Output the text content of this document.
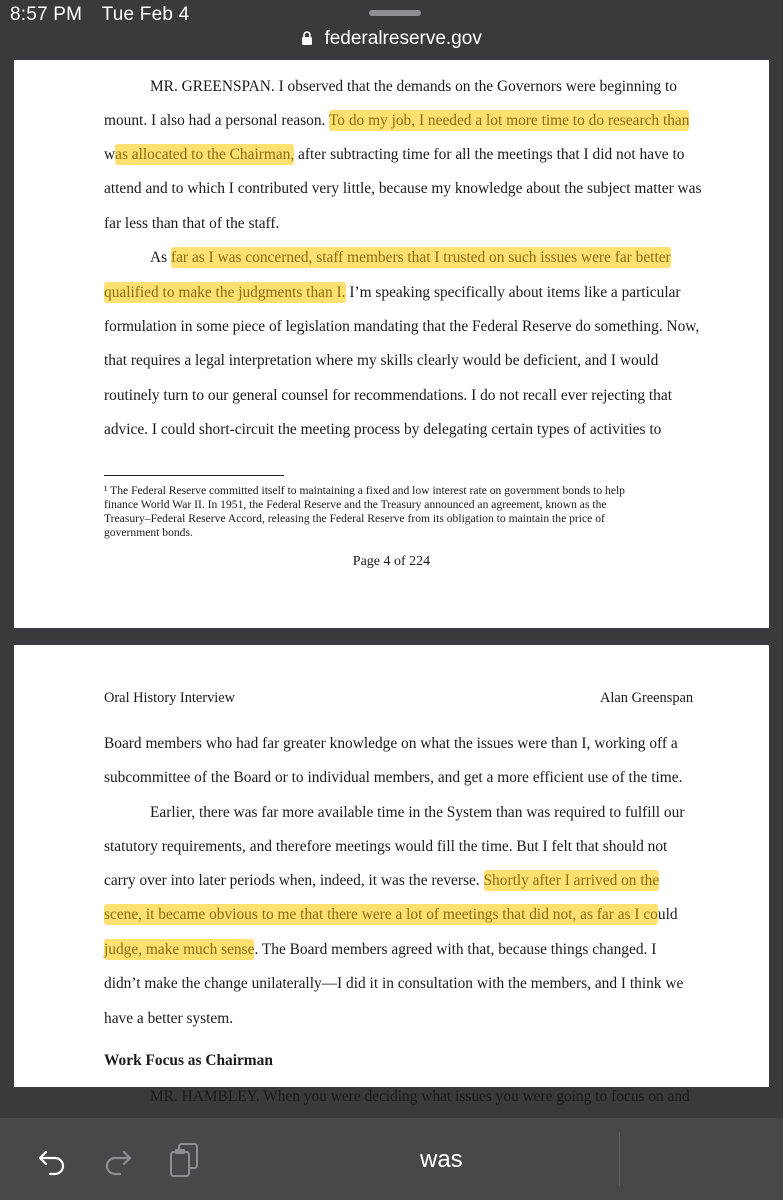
8:57 PM Tue Feb 4
federalreserve.gov
MR. GREENSPAN. I observed that the demands on the Governors were beginning to
mount. I also had a personal reason. To do my job, I needed a lot more time to do research than
was allocated to the Chairman, after subtracting time for all the meetings that I did not have to
attend and to which I contributed very little, because my knowledge about the subject matter was
far less than that of the staff.
As far as I was concerned, staff members that I trusted on such issues were far better
qualified to make the judgments than I. I’m speaking specifically about items like a particular
formulation in some piece of legislation mandating that the Federal Reserve do something. Now,
that requires a legal interpretation where my skills clearly would be deficient, and I would
routinely turn to our general counsel for recommendations. I do not recall ever rejecting that
advice. I could short-circuit the meeting process by delegating certain types of activities to
¹ The Federal Reserve committed itself to maintaining a fixed and low interest rate on government bonds to help
finance World War II. In 1951, the Federal Reserve and the Treasury announced an agreement, known as the
Treasury–Federal Reserve Accord, releasing the Federal Reserve from its obligation to maintain the price of
government bonds.
Page 4 of 224
Oral History Interview	Alan Greenspan
Board members who had far greater knowledge on what the issues were than I, working off a
subcommittee of the Board or to individual members, and get a more efficient use of the time.
Earlier, there was far more available time in the System than was required to fulfill our
statutory requirements, and therefore meetings would fill the time. But I felt that should not
carry over into later periods when, indeed, it was the reverse. Shortly after I arrived on the
scene, it became obvious to me that there were a lot of meetings that did not, as far as I could
judge, make much sense. The Board members agreed with that, because things changed. I
didn’t make the change unilaterally—I did it in consultation with the members, and I think we
have a better system.
Work Focus as Chairman
MR. HAMBLEY. When you were deciding what issues you were going to focus on and
was
